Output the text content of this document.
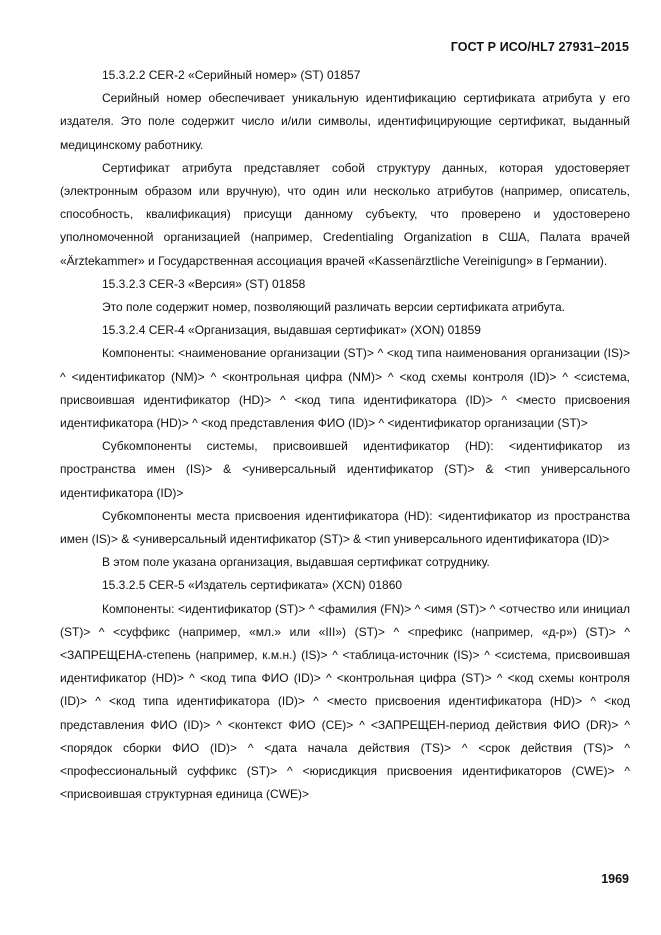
ГОСТ Р ИСО/HL7 27931–2015

15.3.2.2 CER-2 «Серийный номер» (ST) 01857

Серийный номер обеспечивает уникальную идентификацию сертификата атрибута у его издателя. Это поле содержит число и/или символы, идентифицирующие сертификат, выданный медицинскому работнику.

Сертификат атрибута представляет собой структуру данных, которая удостоверяет (электронным образом или вручную), что один или несколько атрибутов (например, описатель, способность, квалификация) присущи данному субъекту, что проверено и удостоверено уполномоченной организацией (например, Credentialing Organization в США, Палата врачей «Ärztekammer» и Государственная ассоциация врачей «Kassenärztliche Vereinigung» в Германии).

15.3.2.3 CER-3 «Версия» (ST) 01858

Это поле содержит номер, позволяющий различать версии сертификата атрибута.

15.3.2.4 CER-4 «Организация, выдавшая сертификат» (XON) 01859

Компоненты: <наименование организации (ST)> ^ <код типа наименования организации (IS)> ^ <идентификатор (NM)> ^ <контрольная цифра (NM)> ^ <код схемы контроля (ID)> ^ <система, присвоившая идентификатор (HD)> ^ <код типа идентификатора (ID)> ^ <место присвоения идентификатора (HD)> ^ <код представления ФИО (ID)> ^ <идентификатор организации (ST)>

Субкомпоненты системы, присвоившей идентификатор (HD): <идентификатор из пространства имен (IS)> & <универсальный идентификатор (ST)> & <тип универсального идентификатора (ID)>

Субкомпоненты места присвоения идентификатора (HD): <идентификатор из пространства имен (IS)> & <универсальный идентификатор (ST)> & <тип универсального идентификатора (ID)>

В этом поле указана организация, выдавшая сертификат сотруднику.

15.3.2.5 CER-5 «Издатель сертификата» (XCN) 01860

Компоненты: <идентификатор (ST)> ^ <фамилия (FN)> ^ <имя (ST)> ^ <отчество или инициал (ST)> ^ <суффикс (например, «мл.» или «III») (ST)> ^ <префикс (например, «д-р») (ST)> ^ <ЗАПРЕЩЕНА-степень (например, к.м.н.) (IS)> ^ <таблица-источник (IS)> ^ <система, присвоившая идентификатор (HD)> ^ <код типа ФИО (ID)> ^ <контрольная цифра (ST)> ^ <код схемы контроля (ID)> ^ <код типа идентификатора (ID)> ^ <место присвоения идентификатора (HD)> ^ <код представления ФИО (ID)> ^ <контекст ФИО (CE)> ^ <ЗАПРЕЩЕН-период действия ФИО (DR)> ^ <порядок сборки ФИО (ID)> ^ <дата начала действия (TS)> ^ <срок действия (TS)> ^ <профессиональный суффикс (ST)> ^ <юрисдикция присвоения идентификаторов (CWE)> ^ <присвоившая структурная единица (CWE)>

1969
